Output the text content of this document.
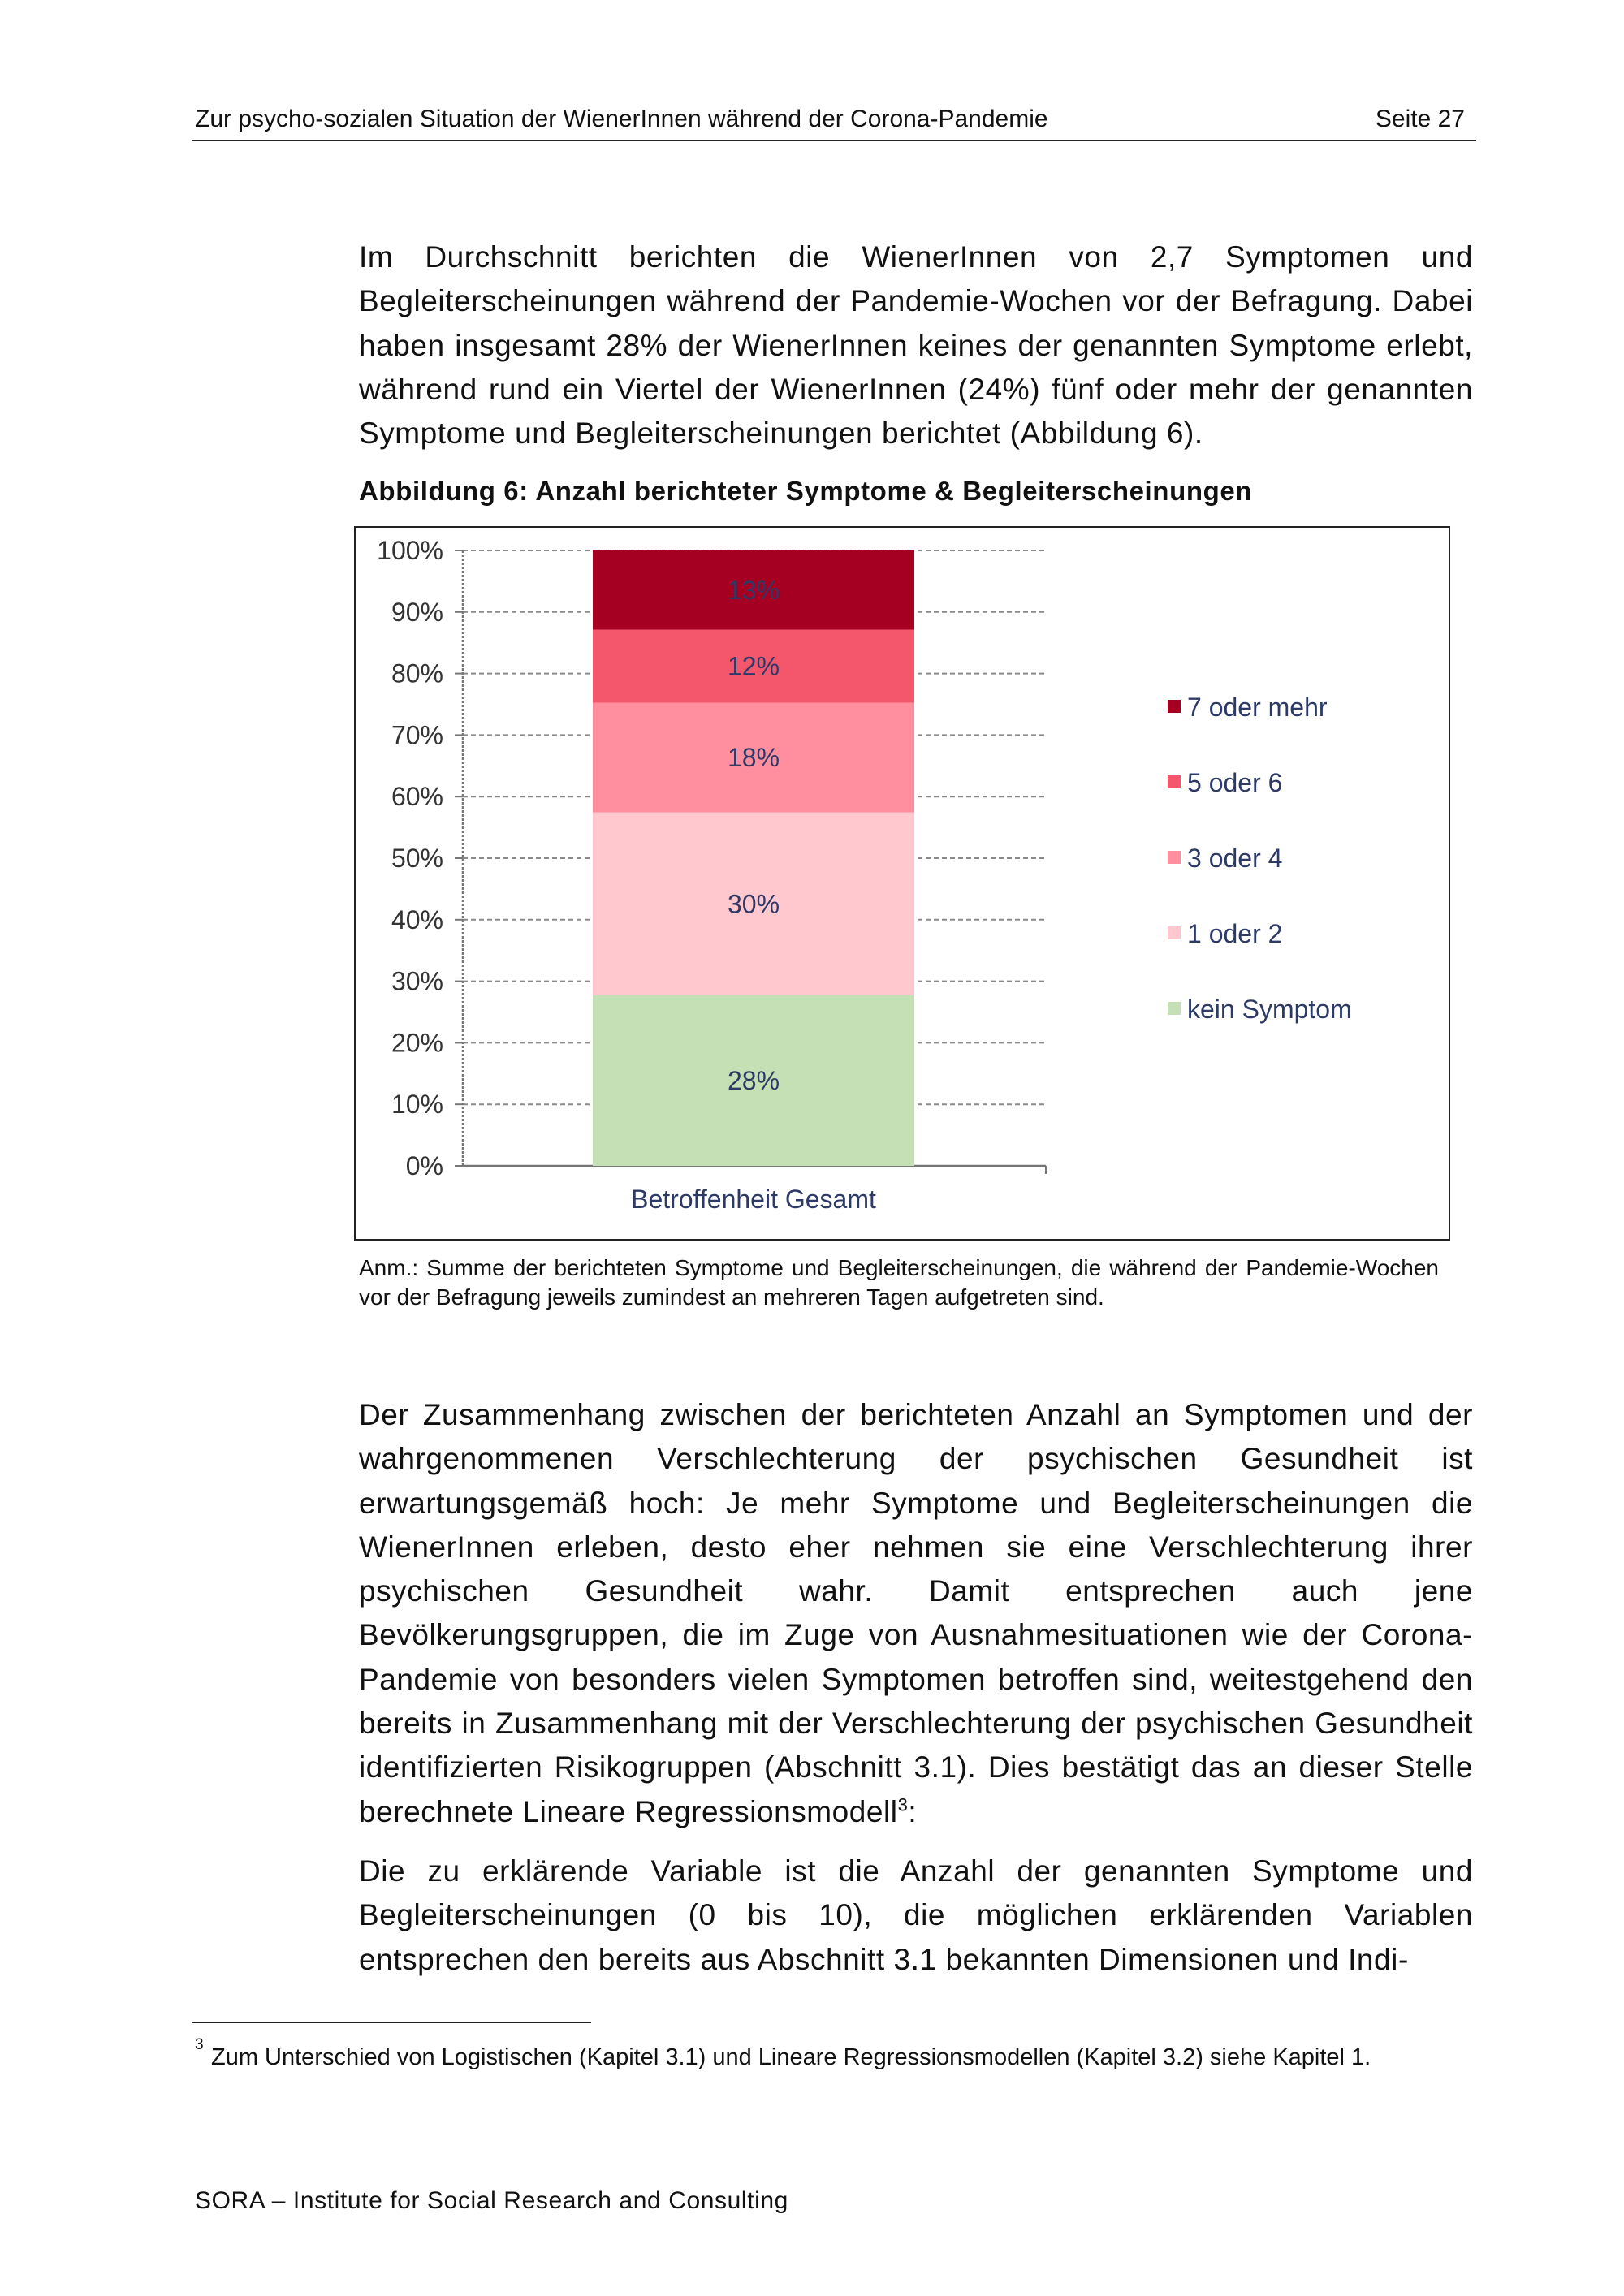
Zur psycho-sozialen Situation der WienerInnen während der Corona-Pandemie	Seite 27

Im Durchschnitt berichten die WienerInnen von 2,7 Symptomen und Begleiterscheinungen während der Pandemie-Wochen vor der Befragung. Dabei haben insgesamt 28% der WienerInnen keines der genannten Symptome erlebt, während rund ein Viertel der WienerInnen (24%) fünf oder mehr der genannten Symptome und Begleiterscheinungen berichtet (Abbildung 6).

Abbildung 6: Anzahl berichteter Symptome & Begleiterscheinungen
0%
10%
20%
30%
40%
50%
60%
70%
80%
90%
100%
28%
30%
18%
12%
13%
Betroffenheit Gesamt
7 oder mehr
5 oder 6
3 oder 4
1 oder 2
kein Symptom

Anm.: Summe der berichteten Symptome und Begleiterscheinungen, die während der Pandemie-Wochen vor der Befragung jeweils zumindest an mehreren Tagen aufgetreten sind.

Der Zusammenhang zwischen der berichteten Anzahl an Symptomen und der wahrgenommenen Verschlechterung der psychischen Gesundheit ist erwartungsgemäß hoch: Je mehr Symptome und Begleiterscheinungen die WienerInnen erleben, desto eher nehmen sie eine Verschlechterung ihrer psychischen Gesundheit wahr. Damit entsprechen auch jene Bevölkerungsgruppen, die im Zuge von Ausnahmesituationen wie der Corona-Pandemie von besonders vielen Symptomen betroffen sind, weitestgehend den bereits in Zusammenhang mit der Verschlechterung der psychischen Gesundheit identifizierten Risikogruppen (Abschnitt 3.1). Dies bestätigt das an dieser Stelle berechnete Lineare Regressionsmodell$^3$:

Die zu erklärende Variable ist die Anzahl der genannten Symptome und Begleiterscheinungen (0 bis 10), die möglichen erklärenden Variablen entsprechen den bereits aus Abschnitt 3.1 bekannten Dimensionen und Indi-

3 Zum Unterschied von Logistischen (Kapitel 3.1) und Lineare Regressionsmodellen (Kapitel 3.2) siehe Kapitel 1.

SORA – Institute for Social Research and Consulting
